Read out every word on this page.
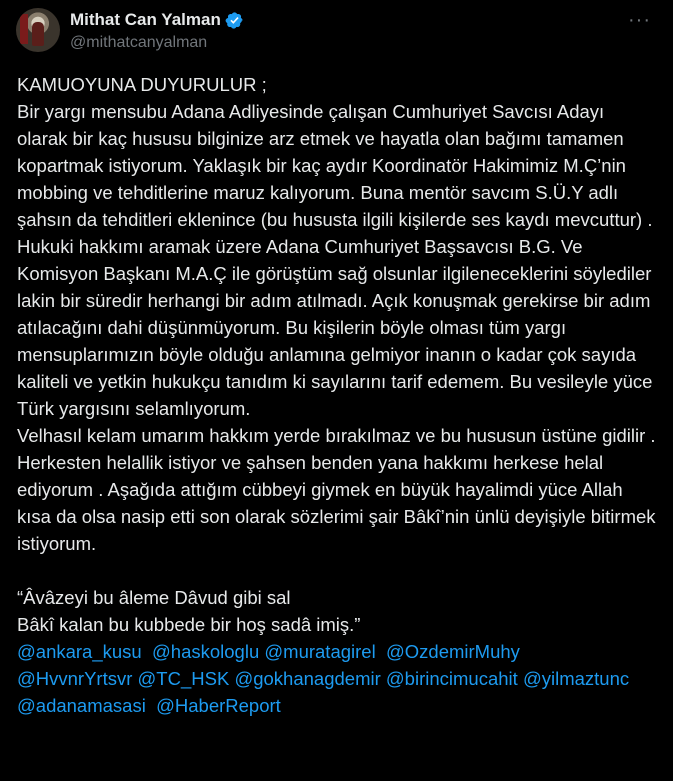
Mithat Can Yalman
@mithatcanyalman
···

KAMUOYUNA DUYURULUR ;

Bir yargı mensubu Adana Adliyesinde çalışan Cumhuriyet Savcısı Adayı olarak bir kaç hususu bilginize arz etmek ve hayatla olan bağımı tamamen kopartmak istiyorum. Yaklaşık bir kaç aydır Koordinatör Hakimimiz M.Ç’nin mobbing ve tehditlerine maruz kalıyorum. Buna mentör savcım S.Ü.Y adlı şahsın da tehditleri eklenince (bu hususta ilgili kişilerde ses kaydı mevcuttur) . Hukuki hakkımı aramak üzere Adana Cumhuriyet Başsavcısı B.G. Ve Komisyon Başkanı M.A.Ç ile görüştüm sağ olsunlar ilgileneceklerini söylediler lakin bir süredir herhangi bir adım atılmadı. Açık konuşmak gerekirse bir adım atılacağını dahi düşünmüyorum. Bu kişilerin böyle olması tüm yargı mensuplarımızın böyle olduğu anlamına gelmiyor inanın o kadar çok sayıda kaliteli ve yetkin hukukçu tanıdım ki sayılarını tarif edemem. Bu vesileyle yüce Türk yargısını selamlıyorum.

Velhasıl kelam umarım hakkım yerde bırakılmaz ve bu hususun üstüne gidilir .

Herkesten helallik istiyor ve şahsen benden yana hakkımı herkese helal ediyorum . Aşağıda attığım cübbeyi giymek en büyük hayalimdi yüce Allah kısa da olsa nasip etti son olarak sözlerimi şair Bâkî’nin ünlü deyişiyle bitirmek istiyorum.

“Âvâzeyi bu âleme Dâvud gibi sal

Bâkî kalan bu kubbede bir hoş sadâ imiş.”

@ankara_kusu @haskologlu @muratagirel @OzdemirMuhy

@HvvnrYrtsvr @TC_HSK @gokhanagdemir @birincimucahit @yilmaztunc

@adanamasasi @HaberReport
